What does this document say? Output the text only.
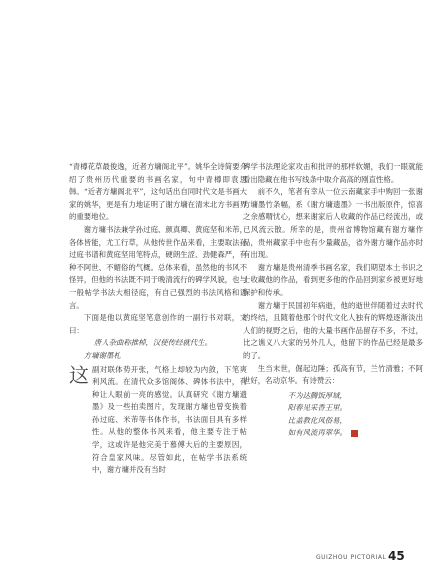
“青樽花草最俊逸，近者方墉阁北平”。姚华全诗简要介绍了贵州历代重要的书画名家，句中青樽即袁思韩。“近者方墉阁北平”，这句话出自同时代文是书画大家的姚华，更是有力地证明了谢方墉在清末北方书画界的重要地位。

谢方墉书法兼学孙过庭、颜真卿、黄庭坚和米芾，各体皆能，尤工行草，从他传世作品来看，主要取法孙过庭书谱和黄庭坚用笔特点，硬朗生涩、劲健森严，有种不阿世、不媚俗的气概。总体来看，虽然他的书风不怪异，但他的书法既不同于晚清流行的碑学风貌，也与一般帖学书法大相径庭，有自己强烈的书法风格和语言。

下面是他以黄庭坚笔意创作的一副行书对联，文曰：

唐人杂曲称推棹，汉使传经就代生。

方墉谢墨札

这 副对联体势开张，气格上却较为内敛，下笔爽利风流。在清代众多馆阁体、碑体书法中，有种让人眼前一亮的感觉。认真研究《谢方墉遗墨》及一些拍卖图片，发现谢方墉也曾变换着孙过庭、米芾等书体作书，书法面目具有多样性。从他的整体书风来看，他主要专注于帖学，这或许是他完美于慕傅大后的主要原因，符合皇家风味。尽管如此，在帖学书法系统中，谢方墉并没有当时

碑学书法理论家攻击和批评的那样软媚，我们一眼就能看出隐藏在他书写线条中取介高高的刚直性格。

前不久，笔者有幸从一位云南藏家手中购回一张谢方墉墨竹条幅，系《谢方墉遗墨》一书出版原件，惊喜之余感喟忧心，想来谢家后人收藏的作品已经流出，或已风流云散。所幸的是，贵州省博物馆藏有谢方墉作品，贵州藏家手中也有少量藏品，省外谢方墉作品亦时有出现。

谢方墉是贵州清季书画名家，我们期望本土书识之士收藏他的作品，看到更多他的作品回到家乡被更好地保护和传承。

谢方墉于民国初年病逝，他的逝世伴随着过去时代的终结，且随着他那个时代文化人独有的辉煌逐渐淡出人们的视野之后，他的大量书画作品留存不多，不过，比之谯义八大家的另外几人，他留下的作品已经是最多的了。

生当末世，倔起边陲；孤高有节，兰竹清雅；不阿世好，名动京华。有诗赞云：

不为达腾饭厚域，

阳春见采香王里。

比盖教化风俗易，

如有风流再翠华。

GUIZHOU PICTORIAL 45
